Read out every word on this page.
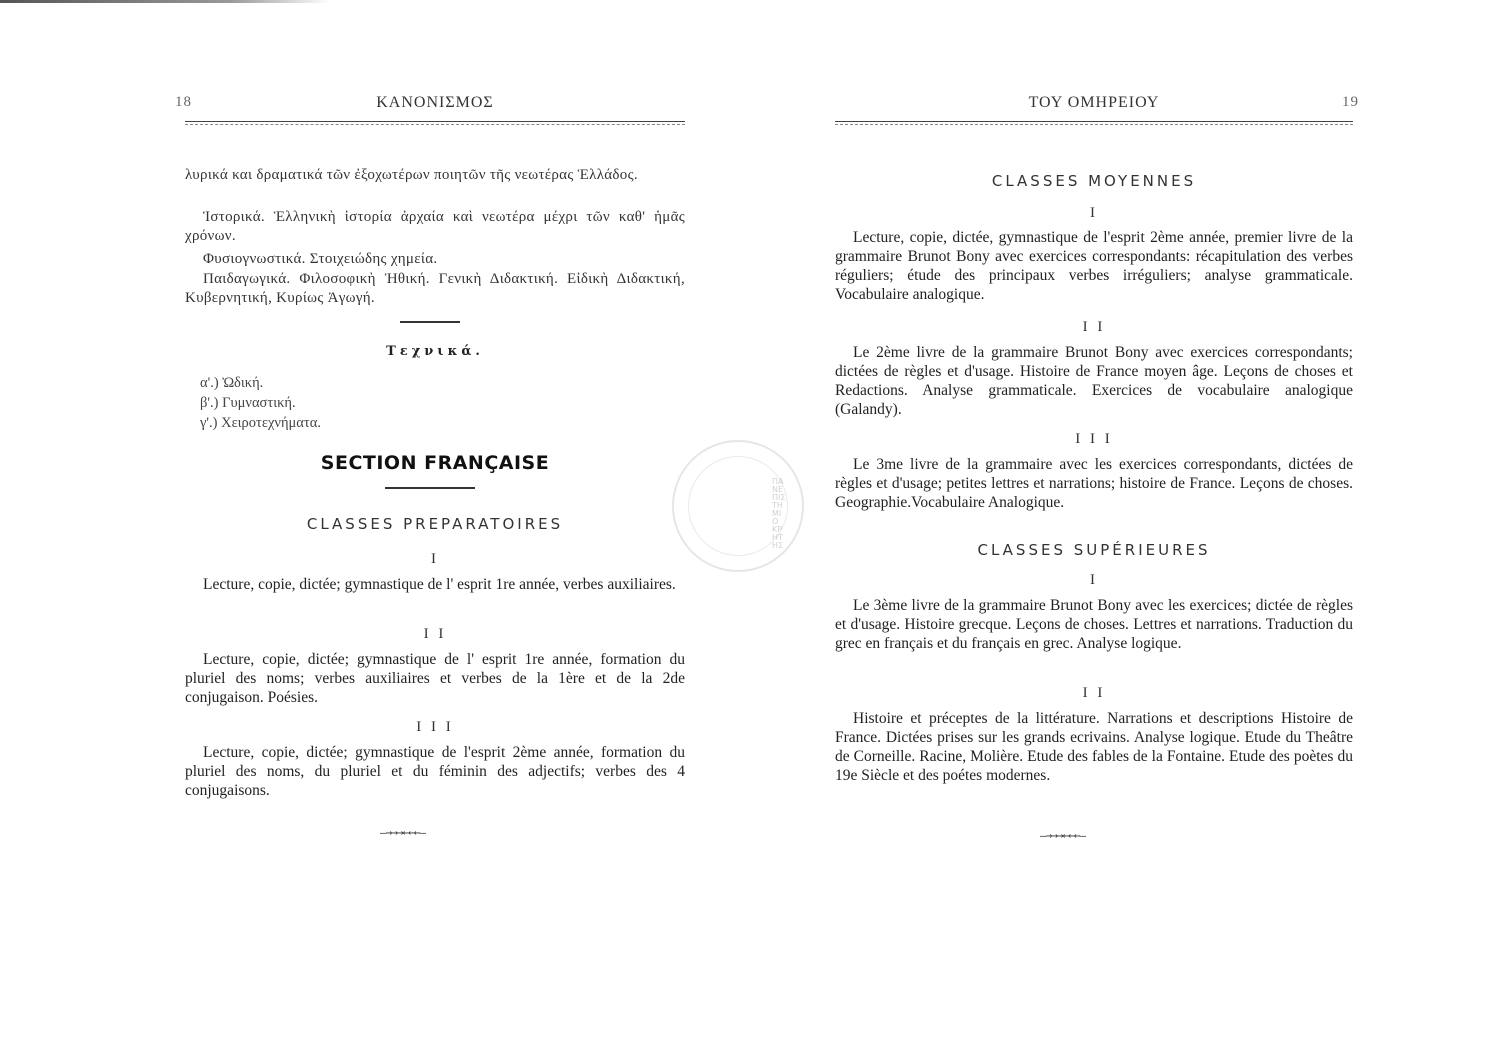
18	ΚΑΝΟΝΙΣΜΟΣ
λυρικά και δραματικά τῶν ἐξοχωτέρων ποιητῶν τῆς νεωτέρας Ἑλλάδος.
Ἱστορικά. Ἑλληνικὴ ἱστορία ἀρχαία καὶ νεωτέρα μέχρι τῶν καθ' ἡμᾶς χρόνων.
Φυσιογνωστικά. Στοιχειώδης χημεία.
Παιδαγωγικά. Φιλοσοφικὴ Ἠθική. Γενικὴ Διδακτική. Εἰδικὴ Διδακτική, Κυβερνητική, Κυρίως Ἀγωγή.
Τεχνικά.
α'.) Ὠδική.
β'.) Γυμναστική.
γ'.) Χειροτεχνήματα.
SECTION FRANÇAISE
CLASSES PREPARATOIRES
I
Lecture, copie, dictée; gymnastique de l' esprit 1re année, verbes auxiliaires.
I I
Lecture, copie, dictée; gymnastique de l' esprit 1re année, formation du pluriel des noms; verbes auxiliaires et verbes de la 1ère et de la 2de conjugaison. Poésies.
I I I
Lecture, copie, dictée; gymnastique de l'esprit 2ème année, formation du pluriel des noms, du pluriel et du féminin des adjectifs; verbes des 4 conjugaisons.
—→→→←←←—
ΤΟΥ ΟΜΗΡΕΙΟΥ	19
CLASSES MOYENNES
I
Lecture, copie, dictée, gymnastique de l'esprit 2ème année, premier livre de la grammaire Brunot Bony avec exercices correspondants: récapitulation des verbes réguliers; étude des principaux verbes irréguliers; analyse grammaticale. Vocabulaire analogique.
I I
Le 2ème livre de la grammaire Brunot Bony avec exercices correspondants; dictées de règles et d'usage. Histoire de France moyen âge. Leçons de choses et Redactions. Analyse grammaticale. Exercices de vocabulaire analogique (Galandy).
I I I
Le 3me livre de la grammaire avec les exercices correspondants, dictées de règles et d'usage; petites lettres et narrations; histoire de France. Leçons de choses. Geographie.Vocabulaire Analogique.
CLASSES SUPÉRIEURES
I
Le 3ème livre de la grammaire Brunot Bony avec les exercices; dictée de règles et d'usage. Histoire grecque. Leçons de choses. Lettres et narrations. Traduction du grec en français et du français en grec. Analyse logique.
I I
Histoire et préceptes de la littérature. Narrations et descriptions Histoire de France. Dictées prises sur les grands ecrivains. Analyse logique. Etude du Theâtre de Corneille. Racine, Molière. Etude des fables de la Fontaine. Etude des poètes du 19e Siècle et des poétes modernes.
—→→→←←←—
ΠΑΝΕΠΙΣΤΗΜΙΟ ΚΡΗΤΗΣ
